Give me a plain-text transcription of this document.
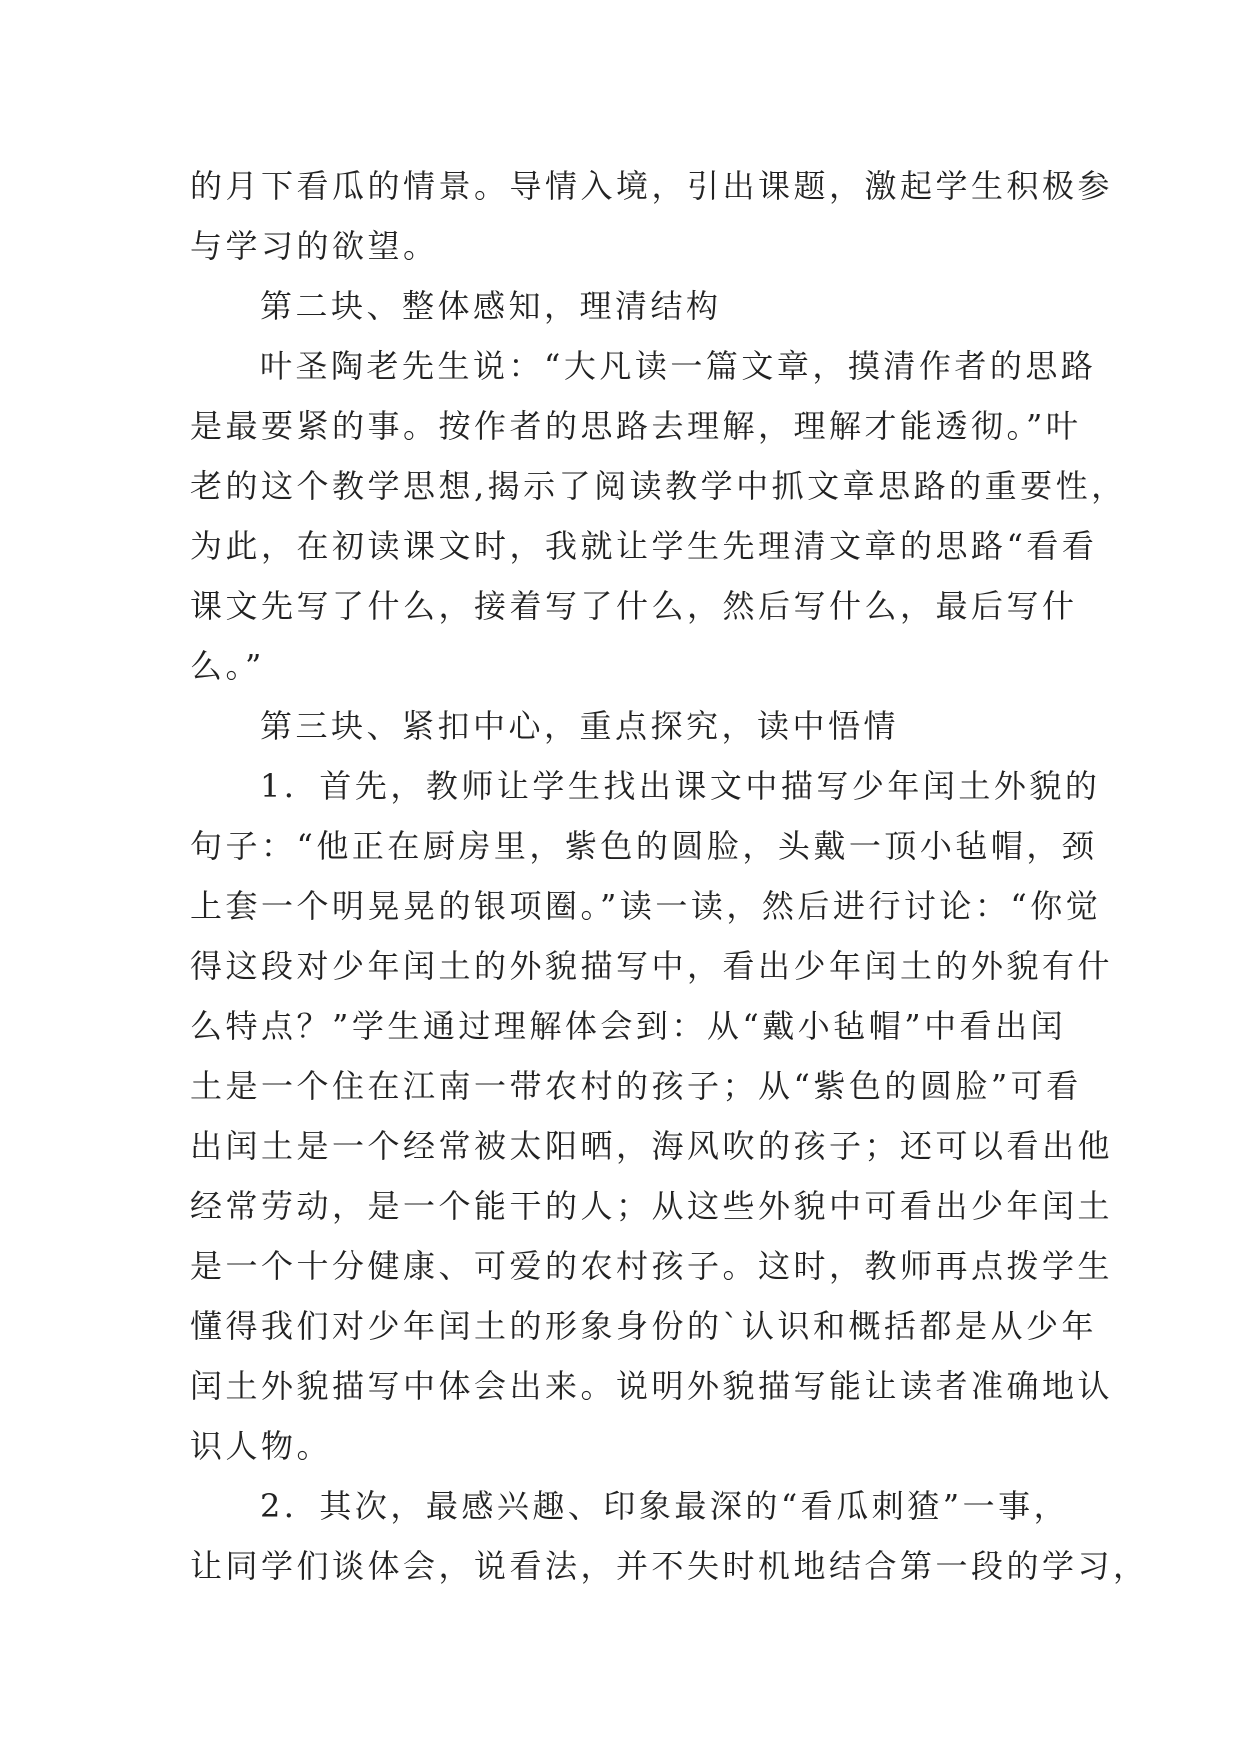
的月下看瓜的情景。导情入境，引出课题，激起学生积极参
与学习的欲望。
第二块、整体感知，理清结构
叶圣陶老先生说：“大凡读一篇文章，摸清作者的思路
是最要紧的事。按作者的思路去理解，理解才能透彻。”叶
老的这个教学思想,揭示了阅读教学中抓文章思路的重要性，
为此，在初读课文时，我就让学生先理清文章的思路“看看
课文先写了什么，接着写了什么，然后写什么，最后写什
么。”
第三块、紧扣中心，重点探究，读中悟情
1．首先，教师让学生找出课文中描写少年闰土外貌的
句子：“他正在厨房里，紫色的圆脸，头戴一顶小毡帽，颈
上套一个明晃晃的银项圈。”读一读，然后进行讨论：“你觉
得这段对少年闰土的外貌描写中，看出少年闰土的外貌有什
么特点？”学生通过理解体会到：从“戴小毡帽”中看出闰
土是一个住在江南一带农村的孩子；从“紫色的圆脸”可看
出闰土是一个经常被太阳晒，海风吹的孩子；还可以看出他
经常劳动，是一个能干的人；从这些外貌中可看出少年闰土
是一个十分健康、可爱的农村孩子。这时，教师再点拨学生
懂得我们对少年闰土的形象身份的`认识和概括都是从少年
闰土外貌描写中体会出来。说明外貌描写能让读者准确地认
识人物。
2．其次，最感兴趣、印象最深的“看瓜刺猹”一事，
让同学们谈体会，说看法，并不失时机地结合第一段的学习，
